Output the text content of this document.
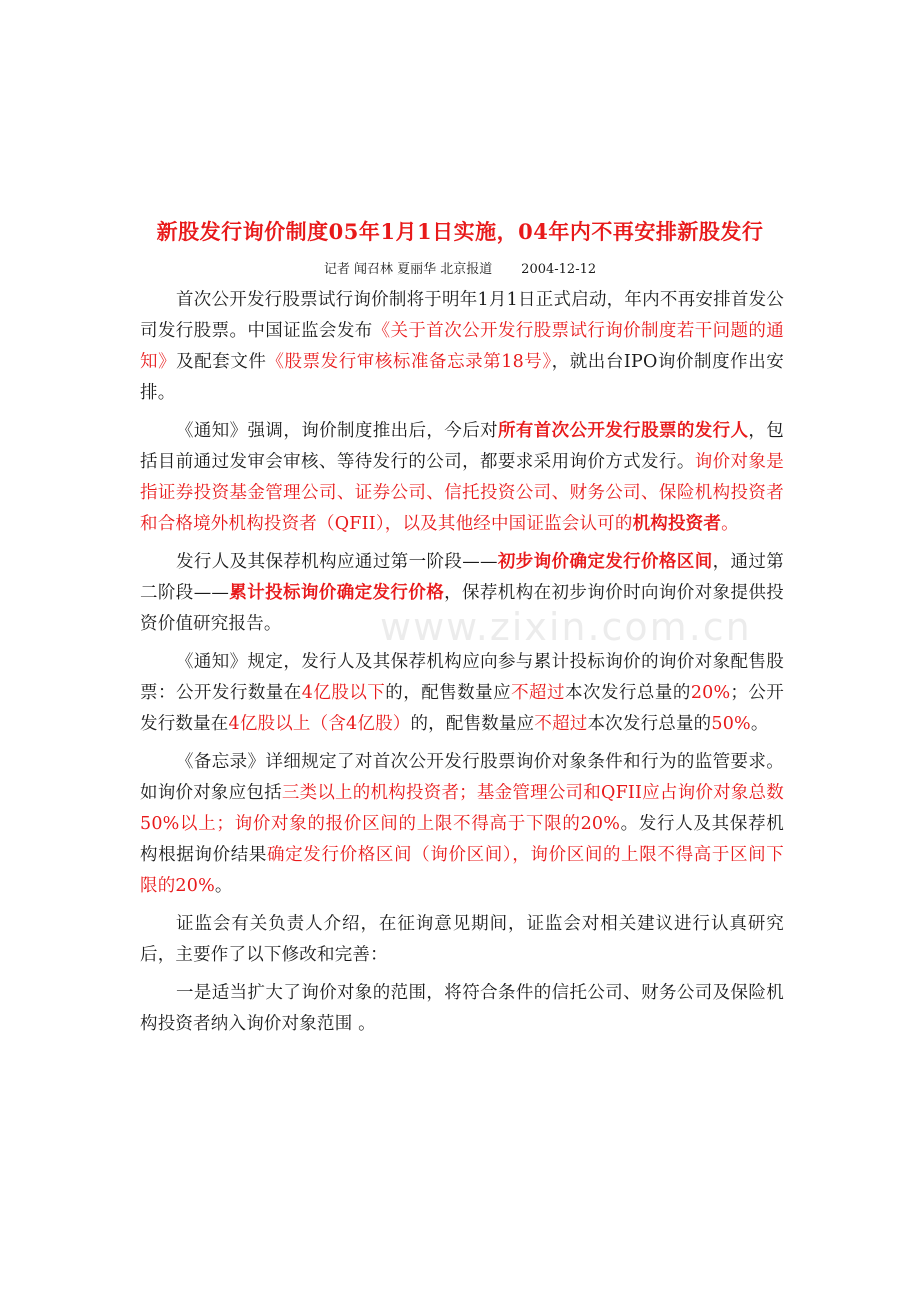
www.zixin.com.cn
新股发行询价制度05年1月1日实施，04年内不再安排新股发行
记者 闻召林 夏丽华 北京报道       2004-12-12

首次公开发行股票试行询价制将于明年1月1日正式启动，年内不再安排首发公司发行股票。中国证监会发布《关于首次公开发行股票试行询价制度若干问题的通知》及配套文件《股票发行审核标准备忘录第18号》，就出台IPO询价制度作出安排。

《通知》强调，询价制度推出后，今后对所有首次公开发行股票的发行人，包括目前通过发审会审核、等待发行的公司，都要求采用询价方式发行。询价对象是指证券投资基金管理公司、证券公司、信托投资公司、财务公司、保险机构投资者和合格境外机构投资者（QFII），以及其他经中国证监会认可的机构投资者。

发行人及其保荐机构应通过第一阶段——初步询价确定发行价格区间，通过第二阶段——累计投标询价确定发行价格，保荐机构在初步询价时向询价对象提供投资价值研究报告。

《通知》规定，发行人及其保荐机构应向参与累计投标询价的询价对象配售股票：公开发行数量在4亿股以下的，配售数量应不超过本次发行总量的20%；公开发行数量在4亿股以上（含4亿股）的，配售数量应不超过本次发行总量的50%。

《备忘录》详细规定了对首次公开发行股票询价对象条件和行为的监管要求。如询价对象应包括三类以上的机构投资者；基金管理公司和QFII应占询价对象总数50%以上；询价对象的报价区间的上限不得高于下限的20%。发行人及其保荐机构根据询价结果确定发行价格区间（询价区间），询价区间的上限不得高于区间下限的20%。

证监会有关负责人介绍，在征询意见期间，证监会对相关建议进行认真研究后，主要作了以下修改和完善：

一是适当扩大了询价对象的范围，将符合条件的信托公司、财务公司及保险机构投资者纳入询价对象范围 。
